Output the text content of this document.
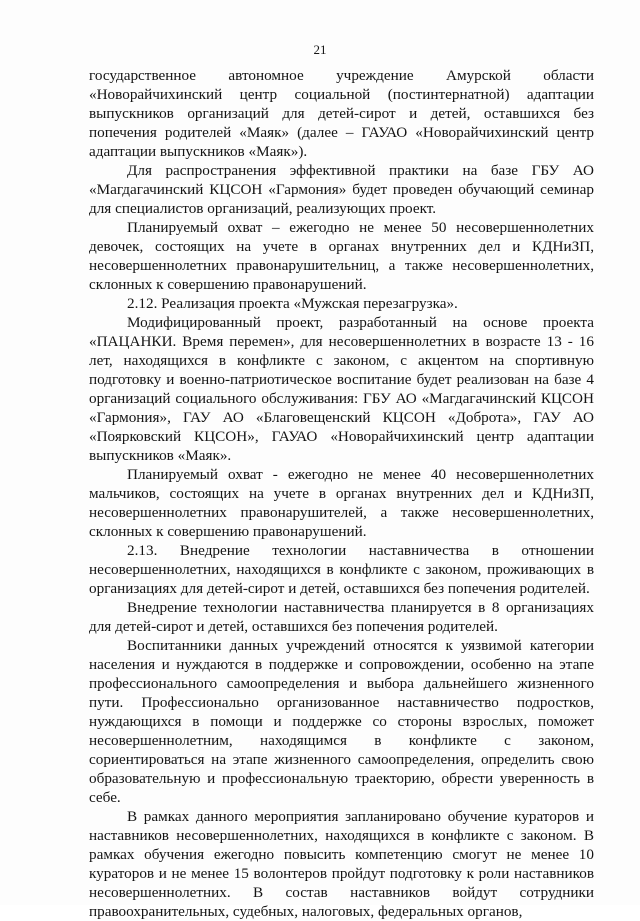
21

государственное автономное учреждение Амурской области «Новорайчихинский центр социальной (постинтернатной) адаптации выпускников организаций для детей-сирот и детей, оставшихся без попечения родителей «Маяк» (далее – ГАУАО «Новорайчихинский центр адаптации выпускников «Маяк»).

Для распространения эффективной практики на базе ГБУ АО «Магдагачинский КЦСОН «Гармония» будет проведен обучающий семинар для специалистов организаций, реализующих проект.

Планируемый охват – ежегодно не менее 50 несовершеннолетних девочек, состоящих на учете в органах внутренних дел и КДНиЗП, несовершеннолетних правонарушительниц, а также несовершеннолетних, склонных к совершению правонарушений.

2.12. Реализация проекта «Мужская перезагрузка».

Модифицированный проект, разработанный на основе проекта «ПАЦАНКИ. Время перемен», для несовершеннолетних в возрасте 13 - 16 лет, находящихся в конфликте с законом, с акцентом на спортивную подготовку и военно-патриотическое воспитание будет реализован на базе 4 организаций социального обслуживания: ГБУ АО «Магдагачинский КЦСОН «Гармония», ГАУ АО «Благовещенский КЦСОН «Доброта», ГАУ АО «Поярковский КЦСОН», ГАУАО «Новорайчихинский центр адаптации выпускников «Маяк».

Планируемый охват - ежегодно не менее 40 несовершеннолетних мальчиков, состоящих на учете в органах внутренних дел и КДНиЗП, несовершеннолетних правонарушителей, а также несовершеннолетних, склонных к совершению правонарушений.

2.13. Внедрение технологии наставничества в отношении несовершеннолетних, находящихся в конфликте с законом, проживающих в организациях для детей-сирот и детей, оставшихся без попечения родителей.

Внедрение технологии наставничества планируется в 8 организациях для детей-сирот и детей, оставшихся без попечения родителей.

Воспитанники данных учреждений относятся к уязвимой категории населения и нуждаются в поддержке и сопровождении, особенно на этапе профессионального самоопределения и выбора дальнейшего жизненного пути. Профессионально организованное наставничество подростков, нуждающихся в помощи и поддержке со стороны взрослых, поможет несовершеннолетним, находящимся в конфликте с законом, сориентироваться на этапе жизненного самоопределения, определить свою образовательную и профессиональную траекторию, обрести уверенность в себе.

В рамках данного мероприятия запланировано обучение кураторов и наставников несовершеннолетних, находящихся в конфликте с законом. В рамках обучения ежегодно повысить компетенцию смогут не менее 10 кураторов и не менее 15 волонтеров пройдут подготовку к роли наставников несовершеннолетних. В состав наставников войдут сотрудники правоохранительных, судебных, налоговых, федеральных органов,
